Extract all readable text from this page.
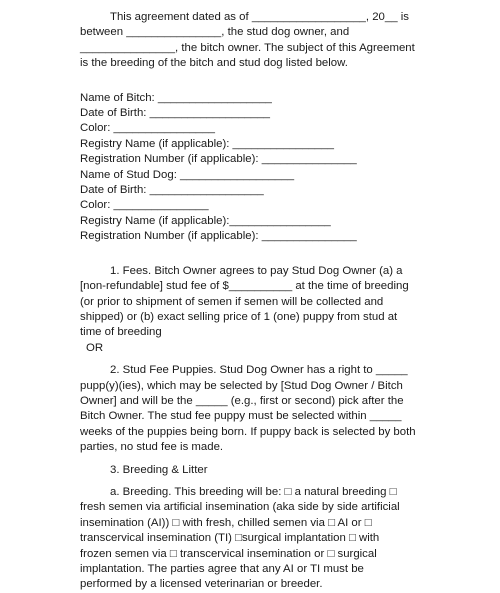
This agreement dated as of __________________, 20__ is
between _______________, the stud dog owner, and
_______________, the bitch owner. The subject of this Agreement
is the breeding of the bitch and stud dog listed below.
Name of Bitch: __________________
Date of Birth: ___________________
Color: ________________
Registry Name (if applicable): ________________
Registration Number (if applicable): _______________
Name of Stud Dog: __________________
Date of Birth: __________________
Color: _______________
Registry Name (if applicable):________________
Registration Number (if applicable): _______________
1. Fees. Bitch Owner agrees to pay Stud Dog Owner (a) a
[non-refundable] stud fee of $__________ at the time of breeding
(or prior to shipment of semen if semen will be collected and
shipped) or (b) exact selling price of 1 (one) puppy from stud at
time of breeding
OR
2. Stud Fee Puppies. Stud Dog Owner has a right to _____
pupp(y)(ies), which may be selected by [Stud Dog Owner / Bitch
Owner] and will be the _____ (e.g., first or second) pick after the
Bitch Owner. The stud fee puppy must be selected within _____
weeks of the puppies being born. If puppy back is selected by both
parties, no stud fee is made.
3. Breeding & Litter
a. Breeding. This breeding will be: □ a natural breeding □
fresh semen via artificial insemination (aka side by side artificial
insemination (AI)) □ with fresh, chilled semen via □ AI or □
transcervical insemination (TI) □surgical implantation □ with
frozen semen via □ transcervical insemination or □ surgical
implantation. The parties agree that any AI or TI must be
performed by a licensed veterinarian or breeder.
